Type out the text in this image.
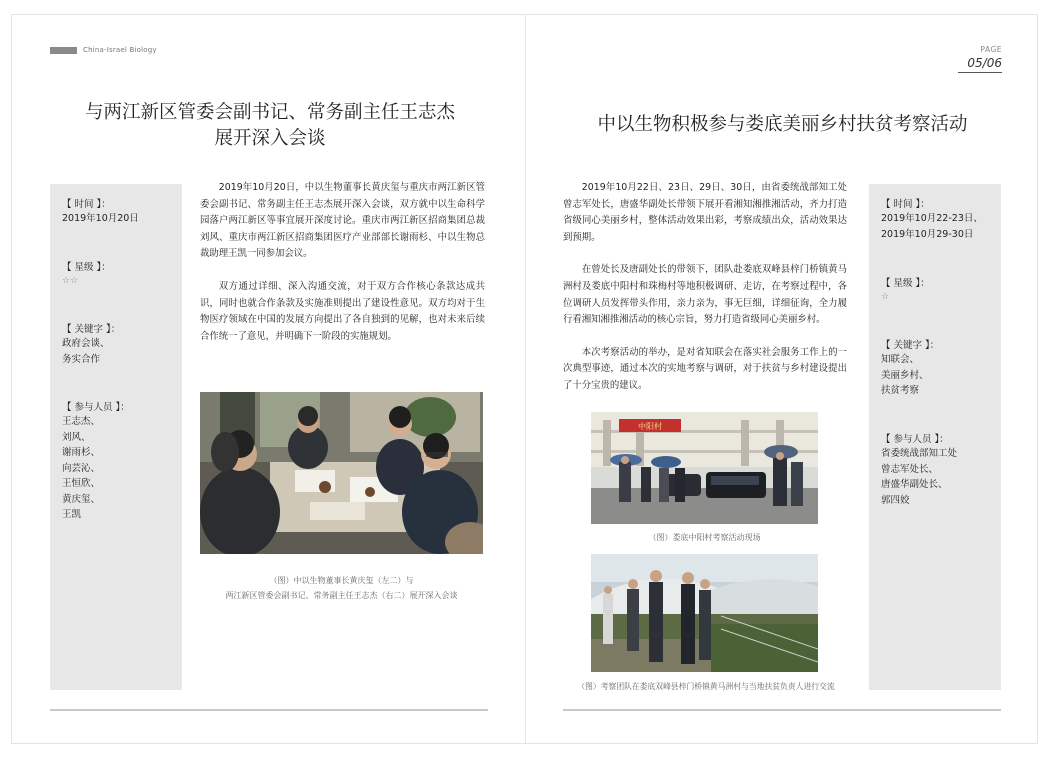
China-Israel Biology	PAGE
05/06
与两江新区管委会副书记、常务副主任王志杰
展开深入会谈
【 时间 】：
2019年10月20日
【 星级 】：
☆☆
【 关键字 】：
政府会谈、
务实合作
【 参与人员 】：
王志杰、
刘风、
谢雨杉、
向芸沁、
王恒欣、
黄庆玺、
王凯

2019年10月20日，中以生物董事长黄庆玺与重庆市两江新区管委会副书记、常务副主任王志杰展开深入会谈，双方就中以生命科学园落户两江新区等事宜展开深度讨论。重庆市两江新区招商集团总裁刘风、重庆市两江新区招商集团医疗产业部部长谢雨杉、中以生物总裁助理王凯一同参加会议。

双方通过详细、深入沟通交流，对于双方合作核心条款达成共识，同时也就合作条款及实施准则提出了建设性意见。双方均对于生物医疗领域在中国的发展方向提出了各自独到的见解，也对未来后续合作统一了意见，并明确下一阶段的实施规划。

（图）中以生物董事长黄庆玺（左二）与
两江新区管委会副书记、常务副主任王志杰（右二）展开深入会谈
中以生物积极参与娄底美丽乡村扶贫考察活动

2019年10月22日、23日、29日、30日，由省委统战部知工处曾志军处长，唐盛华副处长带领下展开看湘知湘推湘活动，齐力打造省级同心美丽乡村，整体活动效果出彩，考察成绩出众，活动效果达到预期。

在曾处长及唐副处长的带领下，团队赴娄底双峰县梓门桥镇黄马洲村及娄底中阳村和珠梅村等地积极调研、走访，在考察过程中，各位调研人员发挥带头作用，亲力亲为，事无巨细，详细征询，全力履行看湘知湘推湘活动的核心宗旨，努力打造省级同心美丽乡村。

本次考察活动的举办，是对省知联会在落实社会服务工作上的一次典型事迹，通过本次的实地考察与调研，对于扶贫与乡村建设提出了十分宝贵的建议。

中阳村
（图）娄底中阳村考察活动现场
（图）考察团队在娄底双峰县梓门桥镇黄马洲村与当地扶贫负责人进行交流
【 时间 】：
2019年10月22-23日、
2019年10月29-30日
【 星级 】：
☆
【 关键字 】：
知联会、
美丽乡村、
扶贫考察
【 参与人员 】：
省委统战部知工处
曾志军处长、
唐盛华副处长、
郭四姣
